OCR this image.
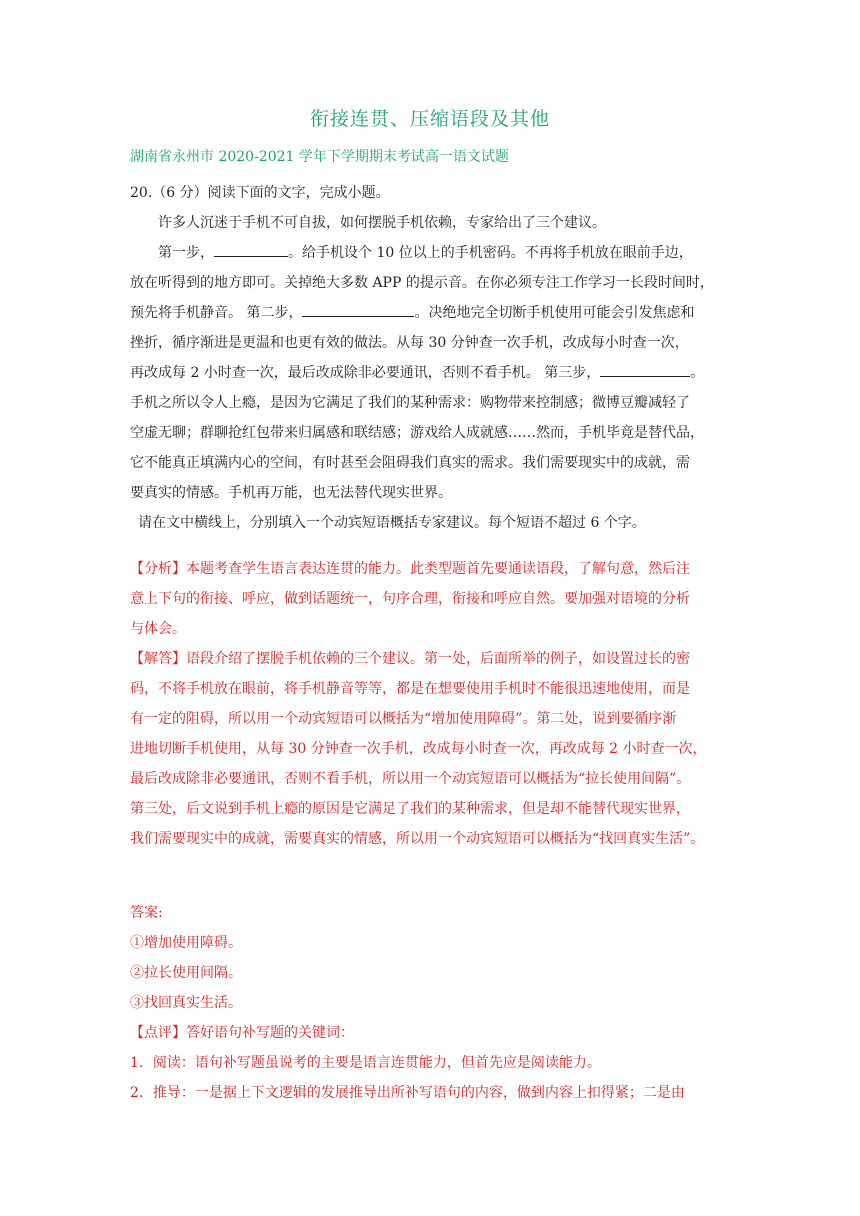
衔接连贯、压缩语段及其他
湖南省永州市 2020-2021 学年下学期期末考试高一语文试题
20.（6 分）阅读下面的文字，完成小题。
许多人沉迷于手机不可自拔，如何摆脱手机依赖，专家给出了三个建议。
第一步，	。给手机设个 10 位以上的手机密码。不再将手机放在眼前手边，
放在听得到的地方即可。关掉绝大多数 APP 的提示音。在你必须专注工作学习一长段时间时，
预先将手机静音。 第二步，	。决绝地完全切断手机使用可能会引发焦虑和
挫折，循序渐进是更温和也更有效的做法。从每 30 分钟查一次手机，改成每小时查一次，
再改成每 2 小时查一次，最后改成除非必要通讯，否则不看手机。 第三步，	。
手机之所以令人上瘾，是因为它满足了我们的某种需求：购物带来控制感；微博豆瓣减轻了
空虚无聊；群聊抢红包带来归属感和联结感；游戏给人成就感……然而，手机毕竟是替代品，
它不能真正填满内心的空间，有时甚至会阻碍我们真实的需求。我们需要现实中的成就，需
要真实的情感。手机再万能，也无法替代现实世界。
请在文中横线上，分别填入一个动宾短语概括专家建议。每个短语不超过 6 个字。
【分析】本题考查学生语言表达连贯的能力。此类型题首先要通读语段，了解句意，然后注
意上下句的衔接、呼应，做到话题统一，句序合理，衔接和呼应自然。要加强对语境的分析
与体会。
【解答】语段介绍了摆脱手机依赖的三个建议。第一处，后面所举的例子，如设置过长的密
码，不将手机放在眼前，将手机静音等等，都是在想要使用手机时不能很迅速地使用，而是
有一定的阻碍，所以用一个动宾短语可以概括为“增加使用障碍”。第二处，说到要循序渐
进地切断手机使用，从每 30 分钟查一次手机，改成每小时查一次，再改成每 2 小时查一次，
最后改成除非必要通讯，否则不看手机，所以用一个动宾短语可以概括为“拉长使用间隔”。
第三处，后文说到手机上瘾的原因是它满足了我们的某种需求，但是却不能替代现实世界，
我们需要现实中的成就，需要真实的情感，所以用一个动宾短语可以概括为“找回真实生活”。
答案:
①增加使用障碍。
②拉长使用间隔。
③找回真实生活。
【点评】答好语句补写题的关键词：
1．阅读：语句补写题虽说考的主要是语言连贯能力，但首先应是阅读能力。
2．推导：一是据上下文逻辑的发展推导出所补写语句的内容，做到内容上扣得紧；二是由
